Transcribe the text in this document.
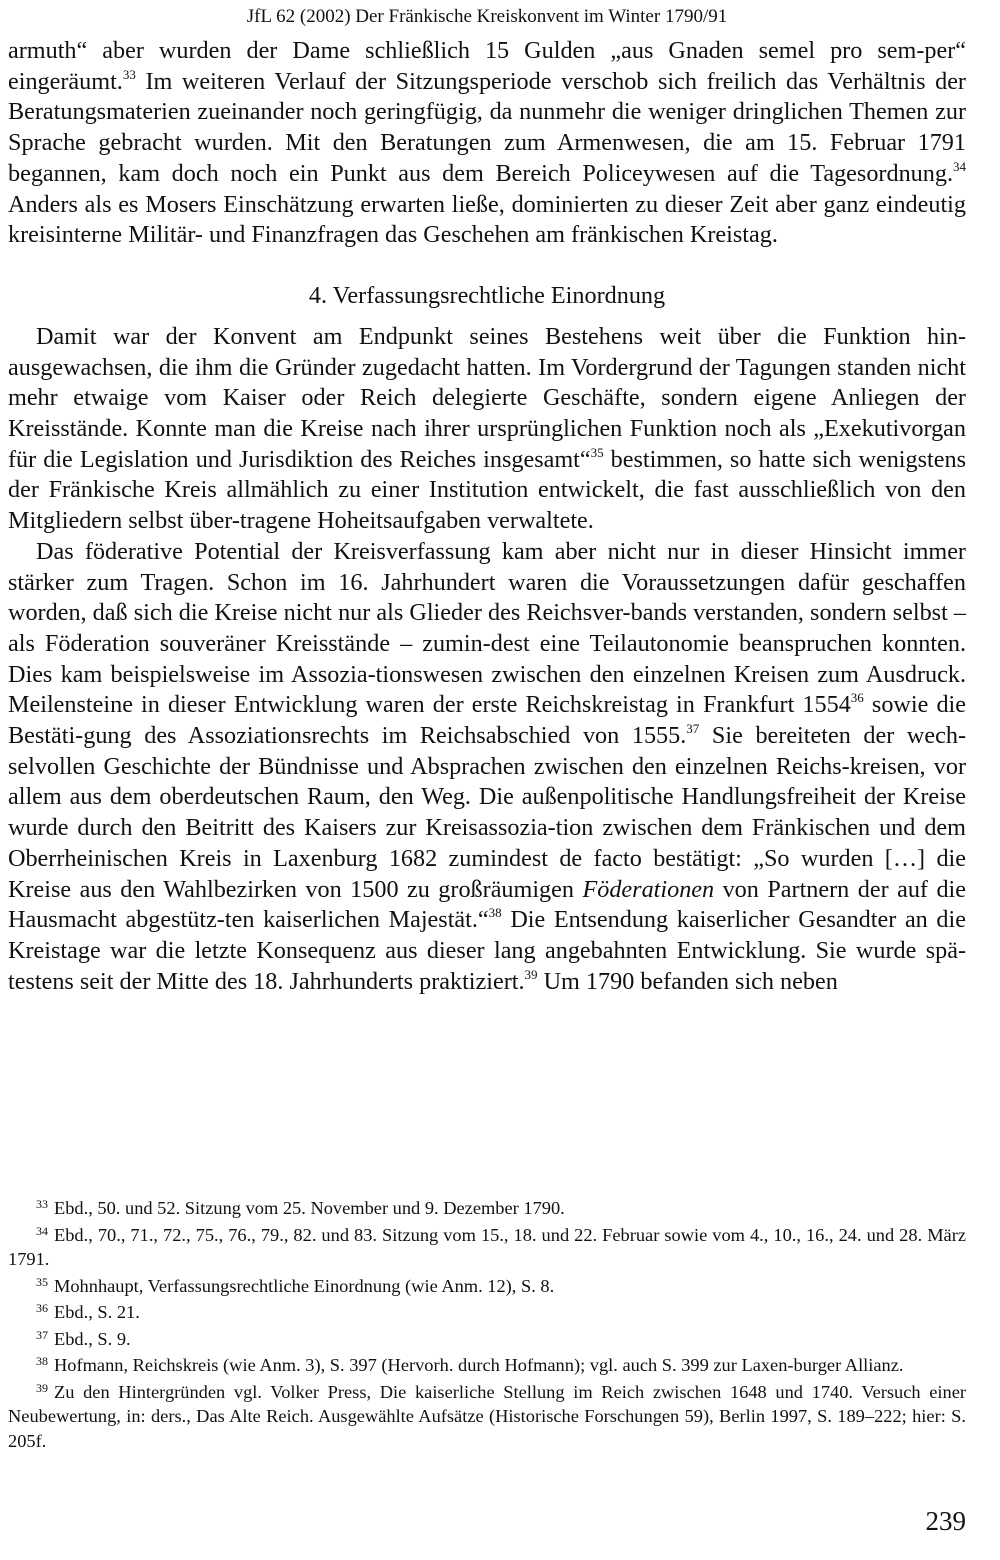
JfL 62 (2002) Der Fränkische Kreiskonvent im Winter 1790/91

armuth“ aber wurden der Dame schließlich 15 Gulden „aus Gnaden semel pro sem-per“ eingeräumt.$^{33}$ Im weiteren Verlauf der Sitzungsperiode verschob sich freilich das Verhältnis der Beratungsmaterien zueinander noch geringfügig, da nunmehr die weniger dringlichen Themen zur Sprache gebracht wurden. Mit den Beratungen zum Armenwesen, die am 15. Februar 1791 begannen, kam doch noch ein Punkt aus dem Bereich Policeywesen auf die Tagesordnung.$^{34}$ Anders als es Mosers Einschätzung erwarten ließe, dominierten zu dieser Zeit aber ganz eindeutig kreisinterne Militär- und Finanzfragen das Geschehen am fränkischen Kreistag.

4. Verfassungsrechtliche Einordnung

Damit war der Konvent am Endpunkt seines Bestehens weit über die Funktion hin-ausgewachsen, die ihm die Gründer zugedacht hatten. Im Vordergrund der Tagungen standen nicht mehr etwaige vom Kaiser oder Reich delegierte Geschäfte, sondern eigene Anliegen der Kreisstände. Konnte man die Kreise nach ihrer ursprünglichen Funktion noch als „Exekutivorgan für die Legislation und Jurisdiktion des Reiches insgesamt“$^{35}$ bestimmen, so hatte sich wenigstens der Fränkische Kreis allmählich zu einer Institution entwickelt, die fast ausschließlich von den Mitgliedern selbst über-tragene Hoheitsaufgaben verwaltete.

Das föderative Potential der Kreisverfassung kam aber nicht nur in dieser Hinsicht immer stärker zum Tragen. Schon im 16. Jahrhundert waren die Voraussetzungen dafür geschaffen worden, daß sich die Kreise nicht nur als Glieder des Reichsver-bands verstanden, sondern selbst – als Föderation souveräner Kreisstände – zumin-dest eine Teilautonomie beanspruchen konnten. Dies kam beispielsweise im Assozia-tionswesen zwischen den einzelnen Kreisen zum Ausdruck. Meilensteine in dieser Entwicklung waren der erste Reichskreistag in Frankfurt 1554$^{36}$ sowie die Bestäti-gung des Assoziationsrechts im Reichsabschied von 1555.37 Sie bereiteten der wech-selvollen Geschichte der Bündnisse und Absprachen zwischen den einzelnen Reichs-kreisen, vor allem aus dem oberdeutschen Raum, den Weg. Die außenpolitische Handlungsfreiheit der Kreise wurde durch den Beitritt des Kaisers zur Kreisassozia-tion zwischen dem Fränkischen und dem Oberrheinischen Kreis in Laxenburg 1682 zumindest de facto bestätigt: „So wurden […] die Kreise aus den Wahlbezirken von 1500 zu großräumigen Föderationen von Partnern der auf die Hausmacht abgestütz-ten kaiserlichen Majestät.“$^{38}$ Die Entsendung kaiserlicher Gesandter an die Kreistage war die letzte Konsequenz aus dieser lang angebahnten Entwicklung. Sie wurde spä-testens seit der Mitte des 18. Jahrhunderts praktiziert.$^{39}$ Um 1790 befanden sich neben

$^{33}$ Ebd., 50. und 52. Sitzung vom 25. November und 9. Dezember 1790.

$^{34}$ Ebd., 70., 71., 72., 75., 76., 79., 82. und 83. Sitzung vom 15., 18. und 22. Februar sowie vom 4., 10., 16., 24. und 28. März 1791.

$^{35}$ Mohnhaupt, Verfassungsrechtliche Einordnung (wie Anm. 12), S. 8.

$^{36}$ Ebd., S. 21.

$^{37}$ Ebd., S. 9.

$^{38}$ Hofmann, Reichskreis (wie Anm. 3), S. 397 (Hervorh. durch Hofmann); vgl. auch S. 399 zur Laxen-burger Allianz.

$^{39}$ Zu den Hintergründen vgl. Volker Press, Die kaiserliche Stellung im Reich zwischen 1648 und 1740. Versuch einer Neubewertung, in: ders., Das Alte Reich. Ausgewählte Aufsätze (Historische Forschungen 59), Berlin 1997, S. 189–222; hier: S. 205f.

239
